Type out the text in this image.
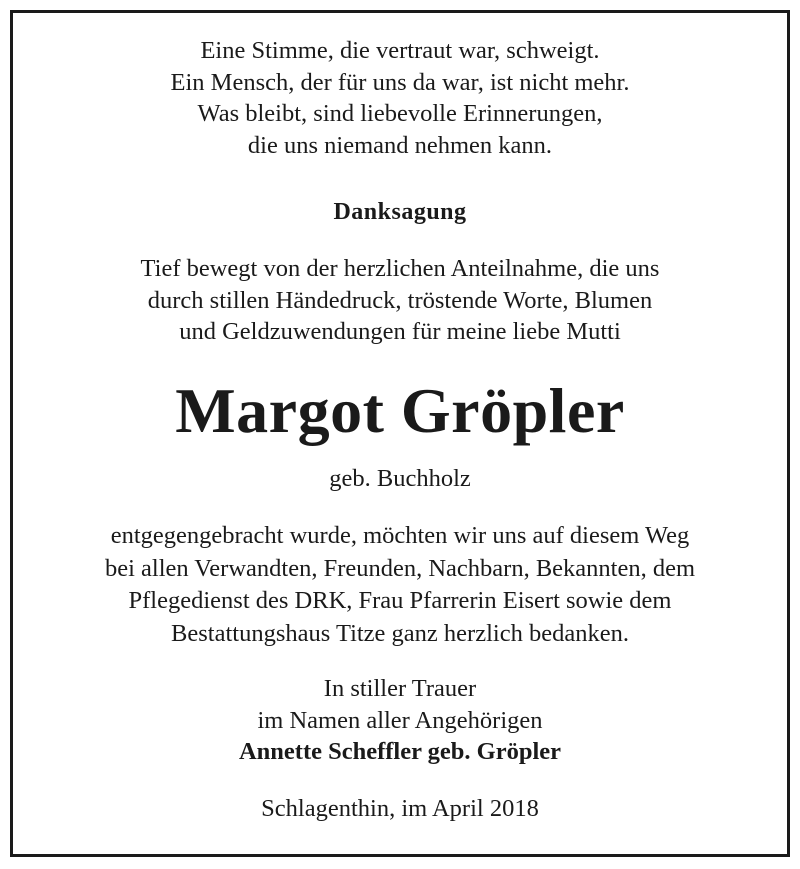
Eine Stimme, die vertraut war, schweigt.
Ein Mensch, der für uns da war, ist nicht mehr.
Was bleibt, sind liebevolle Erinnerungen,
die uns niemand nehmen kann.
Danksagung
Tief bewegt von der herzlichen Anteilnahme, die uns
durch stillen Händedruck, tröstende Worte, Blumen
und Geldzuwendungen für meine liebe Mutti
Margot Gröpler
geb. Buchholz
entgegengebracht wurde, möchten wir uns auf diesem Weg
bei allen Verwandten, Freunden, Nachbarn, Bekannten, dem
Pflegedienst des DRK, Frau Pfarrerin Eisert sowie dem
Bestattungshaus Titze ganz herzlich bedanken.
In stiller Trauer
im Namen aller Angehörigen
Annette Scheffler geb. Gröpler
Schlagenthin, im April 2018
